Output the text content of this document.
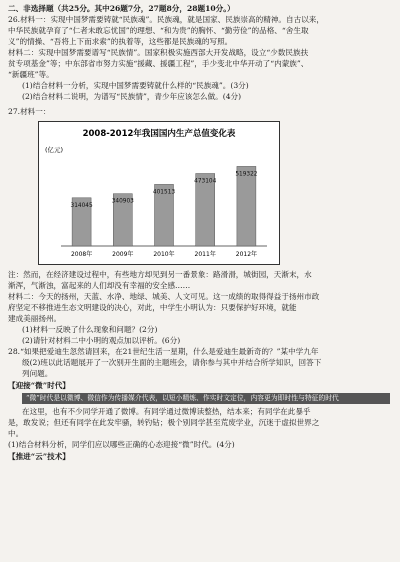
二、非选择题（共25分。其中26题7分，27题8分，28题10分。）

26.材料一：实现中国梦需要铸就“民族魂”。民族魂，就是国家、民族崇高的精神。自古以来，

中华民族就孕育了“仁者未敢忘忧国”的理想、“和为贵”的胸怀、“勤劳俭”的品格、“舍生取

义”的情操、“吾将上下而求索”的执着等，这些都是民族魂的写照。

材料二：实现中国梦需要谱写“民族情”。国家积极实施西部大开发战略，设立“少数民族扶

贫专项基金”等；中东部省市努力实施“援藏、援疆工程”，手少变北中华开动了“内蒙族”、

“新疆班”等。

(1)结合材料一分析，实现中国梦需要铸就什么样的“民族魂”。(3分)

(2)结合材料二说明，为谱写“民族情”，青少年应该怎么做。(4分)

27.材料一：

2008-2012年我国国内生产总值变化表
(亿元)
314045
2008年
340903
2009年
401513
2010年
473104
2011年
519322
2012年

注：然而，在经济建设过程中，有些地方却见到另一番景象：路滑滑，城街园，天渐末，水

渐浑，气渐浊，富起来的人们却没有幸福的安全感……

材料二：今天的扬州，天蓝、水净、地绿、城美、人文可见。这一成绩的取得得益于扬州市政

府坚定不移推进生态文明建设的决心，对此，中学生小明认为：只要保护好环境，就能

建成美丽扬州。

(1)材料一反映了什么现象和问题？(2分)

(2)请针对材料二中小明的观点加以评析。(6分)

28.“如果把爱迪生忽然请回来，在21世纪生活一星期，什么是爱迪生最新奇的？”某中学九年

级(2)班以此话题展开了一次别开生面的主题班会，请你参与其中并结合所学知识，回答下

列问题。

【迎接“微”时代】

“微”时代是以微博、微信作为传播媒介代表，以短小精炼、作实时文定位，内容更为即时性与特征的时代

在这里，也有不少同学开通了微博。有同学通过微博读整热，结本来；有同学在此暴乎

是，敢发说；但还有同学在此发牢骚，转钓钻；极个别同学甚至荒废学业，沉迷于虚拟世界之

中。

(1)结合材料分析，同学们应以哪些正确的心态迎接“微”时代。(4分)

【推进“云”技术】
